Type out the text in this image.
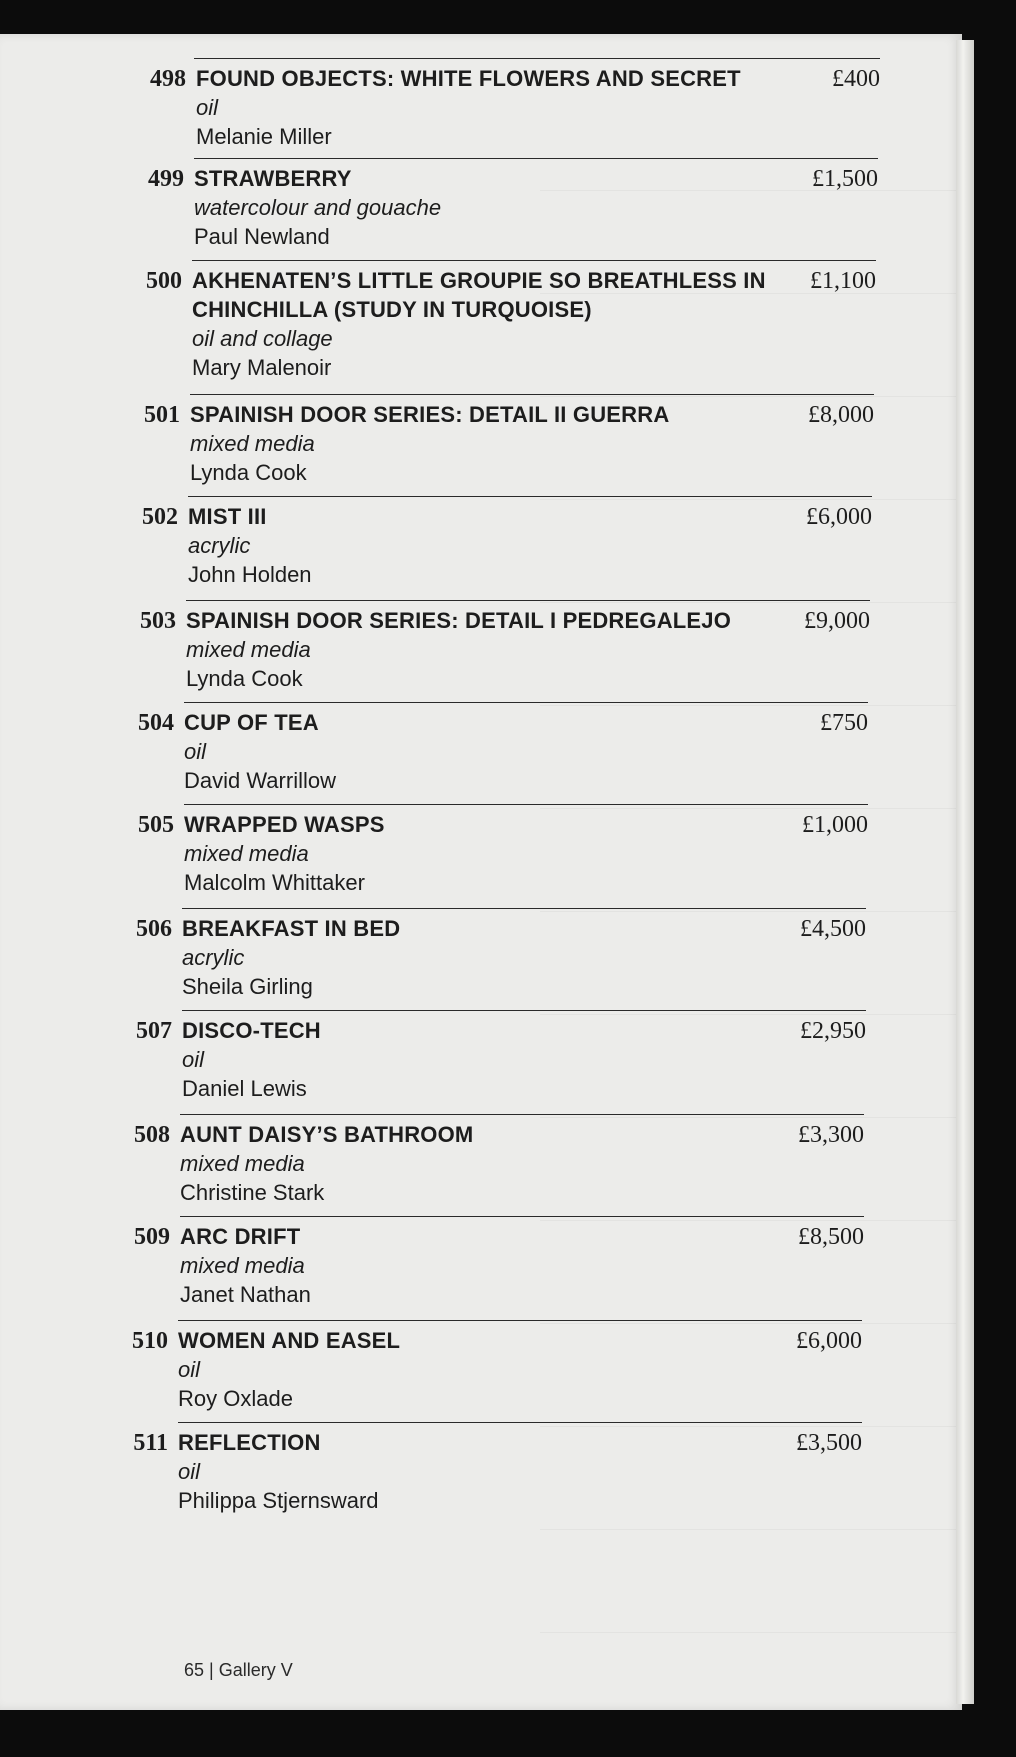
498 FOUND OBJECTS: WHITE FLOWERS AND SECRET
oil
Melanie Miller
£400
499 STRAWBERRY
watercolour and gouache
Paul Newland
£1,500
500 AKHENATEN’S LITTLE GROUPIE SO BREATHLESS IN
CHINCHILLA (STUDY IN TURQUOISE)
oil and collage
Mary Malenoir
£1,100
501 SPAINISH DOOR SERIES: DETAIL II GUERRA
mixed media
Lynda Cook
£8,000
502 MIST III
acrylic
John Holden
£6,000
503 SPAINISH DOOR SERIES: DETAIL I PEDREGALEJO
mixed media
Lynda Cook
£9,000
504 CUP OF TEA
oil
David Warrillow
£750
505 WRAPPED WASPS
mixed media
Malcolm Whittaker
£1,000
506 BREAKFAST IN BED
acrylic
Sheila Girling
£4,500
507 DISCO-TECH
oil
Daniel Lewis
£2,950
508 AUNT DAISY’S BATHROOM
mixed media
Christine Stark
£3,300
509 ARC DRIFT
mixed media
Janet Nathan
£8,500
510 WOMEN AND EASEL
oil
Roy Oxlade
£6,000
511 REFLECTION
oil
Philippa Stjernsward
£3,500
65 | Gallery V
